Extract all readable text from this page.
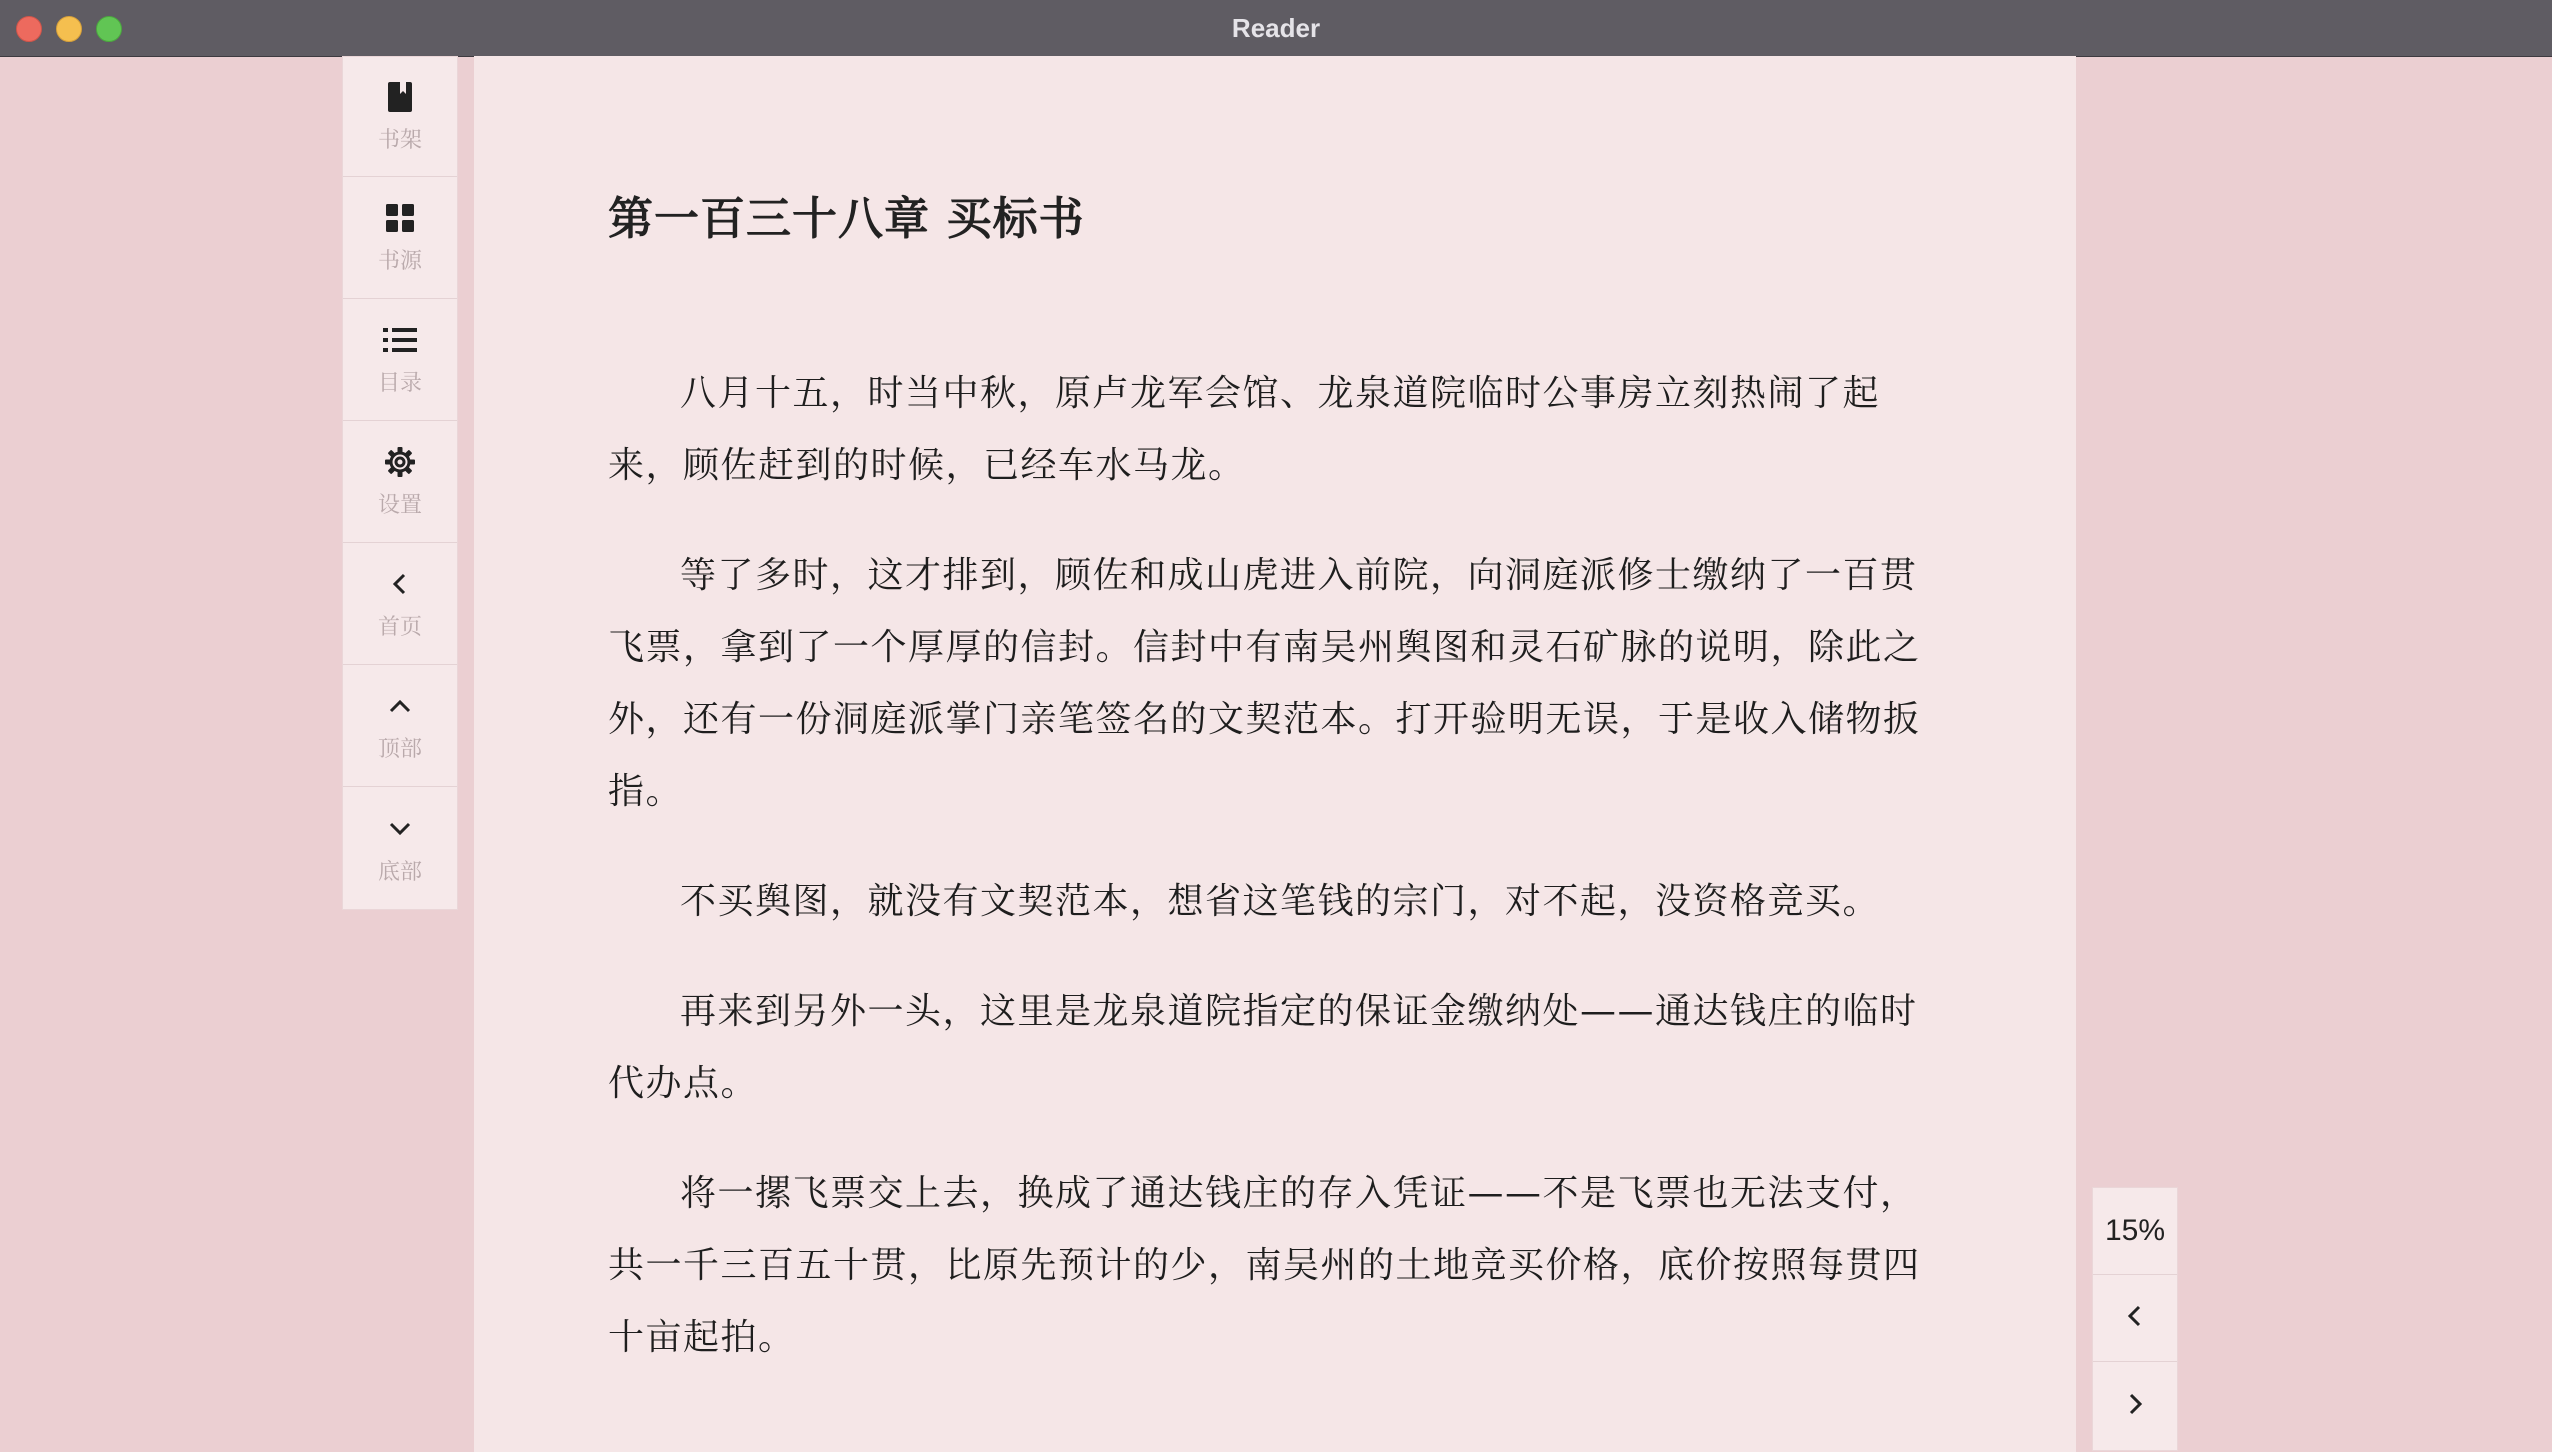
Reader
书架
书源
目录
设置
首页
顶部
底部
第一百三十八章 买标书

八月十五，时当中秋，原卢龙军会馆、龙泉道院临时公事房立刻热闹了起来，顾佐赶到的时候，已经车水马龙。

等了多时，这才排到，顾佐和成山虎进入前院，向洞庭派修士缴纳了一百贯飞票，拿到了一个厚厚的信封。信封中有南吴州舆图和灵石矿脉的说明，除此之外，还有一份洞庭派掌门亲笔签名的文契范本。打开验明无误，于是收入储物扳指。

不买舆图，就没有文契范本，想省这笔钱的宗门，对不起，没资格竞买。

再来到另外一头，这里是龙泉道院指定的保证金缴纳处——通达钱庄的临时代办点。

将一摞飞票交上去，换成了通达钱庄的存入凭证——不是飞票也无法支付，共一千三百五十贯，比原先预计的少，南吴州的土地竞买价格，底价按照每贯四十亩起拍。

15%
